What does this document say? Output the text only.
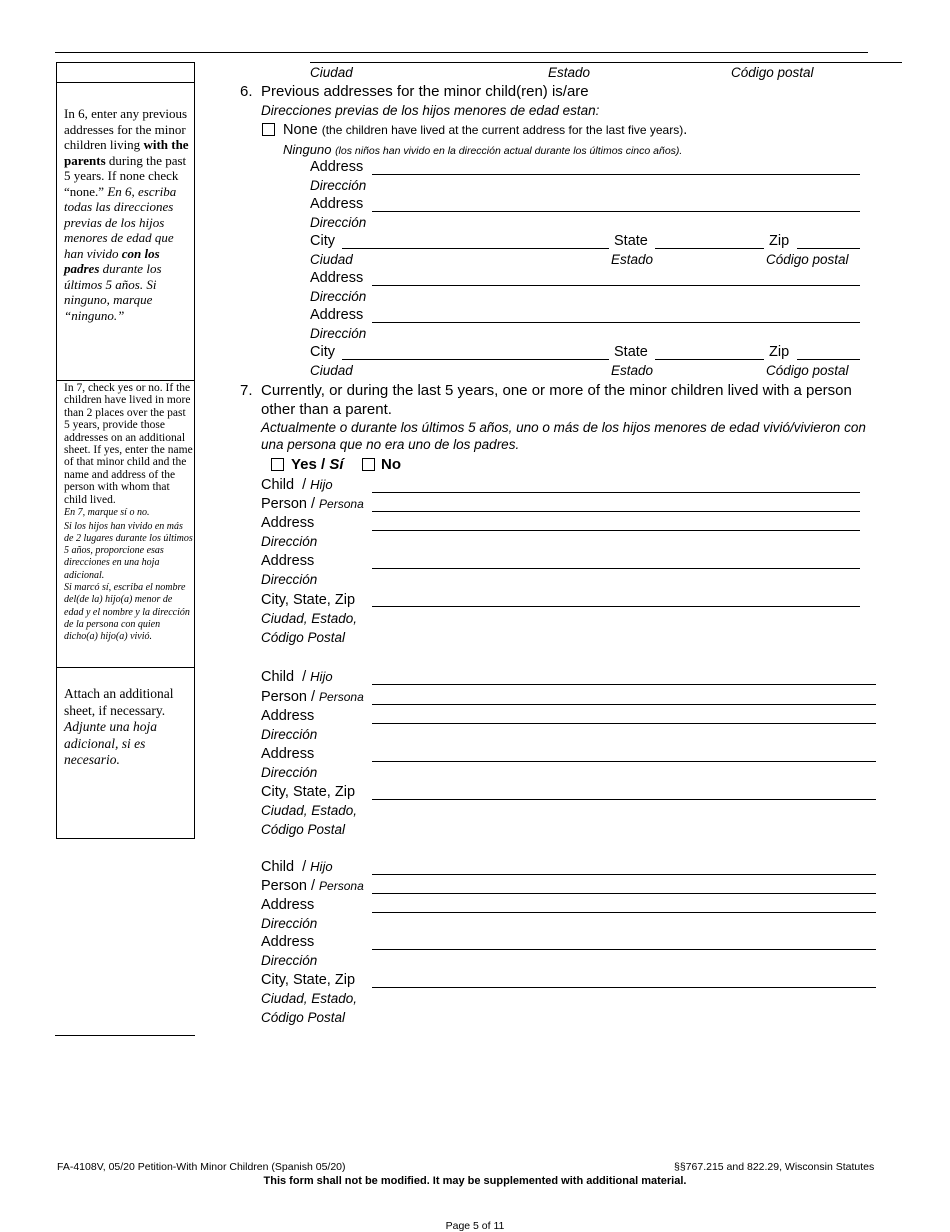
Ciudad	Estado	Código postal
In 6, enter any previous addresses for the minor children living with the parents during the past 5 years. If none check “none.” En 6, escriba todas las direcciones previas de los hijos menores de edad que han vivido con los padres durante los últimos 5 años. Si ninguno, marque “ninguno.”
In 7, check yes or no. If the children have lived in more than 2 places over the past 5 years, provide those addresses on an additional sheet. If yes, enter the name of that minor child and the name and address of the person with whom that child lived.
En 7, marque sí o no.
Si los hijos han vivido en más de 2 lugares durante los últimos 5 años, proporcione esas direcciones en una hoja adicional.
Si marcó sí, escriba el nombre del(de la) hijo(a) menor de edad y el nombre y la dirección de la persona con quien dicho(a) hijo(a) vivió.
Attach an additional sheet, if necessary.
Adjunte una hoja adicional, si es necesario.
6. Previous addresses for the minor child(ren) is/are
Direcciones previas de los hijos menores de edad estan:
None (the children have lived at the current address for the last five years).
Ninguno (los niños han vivido en la dirección actual durante los últimos cinco años).
Address
Dirección
Address
Dirección
City	State	Zip
Ciudad	Estado	Código postal
Address
Dirección
Address
Dirección
City	State	Zip
Ciudad	Estado	Código postal
7. Currently, or during the last 5 years, one or more of the minor children lived with a person
other than a parent.
Actualmente o durante los últimos 5 años, uno o más de los hijos menores de edad vivió/vivieron con
una persona que no era uno de los padres.
Yes / Sí No
Child  / Hijo
Person / Persona
Address
Dirección
Address
Dirección
City, State, Zip
Ciudad, Estado,
Código Postal
Child  / Hijo
Person / Persona
Address
Dirección
Address
Dirección
City, State, Zip
Ciudad, Estado,
Código Postal
Child  / Hijo
Person / Persona
Address
Dirección
Address
Dirección
City, State, Zip
Ciudad, Estado,
Código Postal
FA-4108V, 05/20 Petition-With Minor Children (Spanish 05/20)	§§767.215 and 822.29, Wisconsin Statutes
This form shall not be modified. It may be supplemented with additional material.
Page 5 of 11
